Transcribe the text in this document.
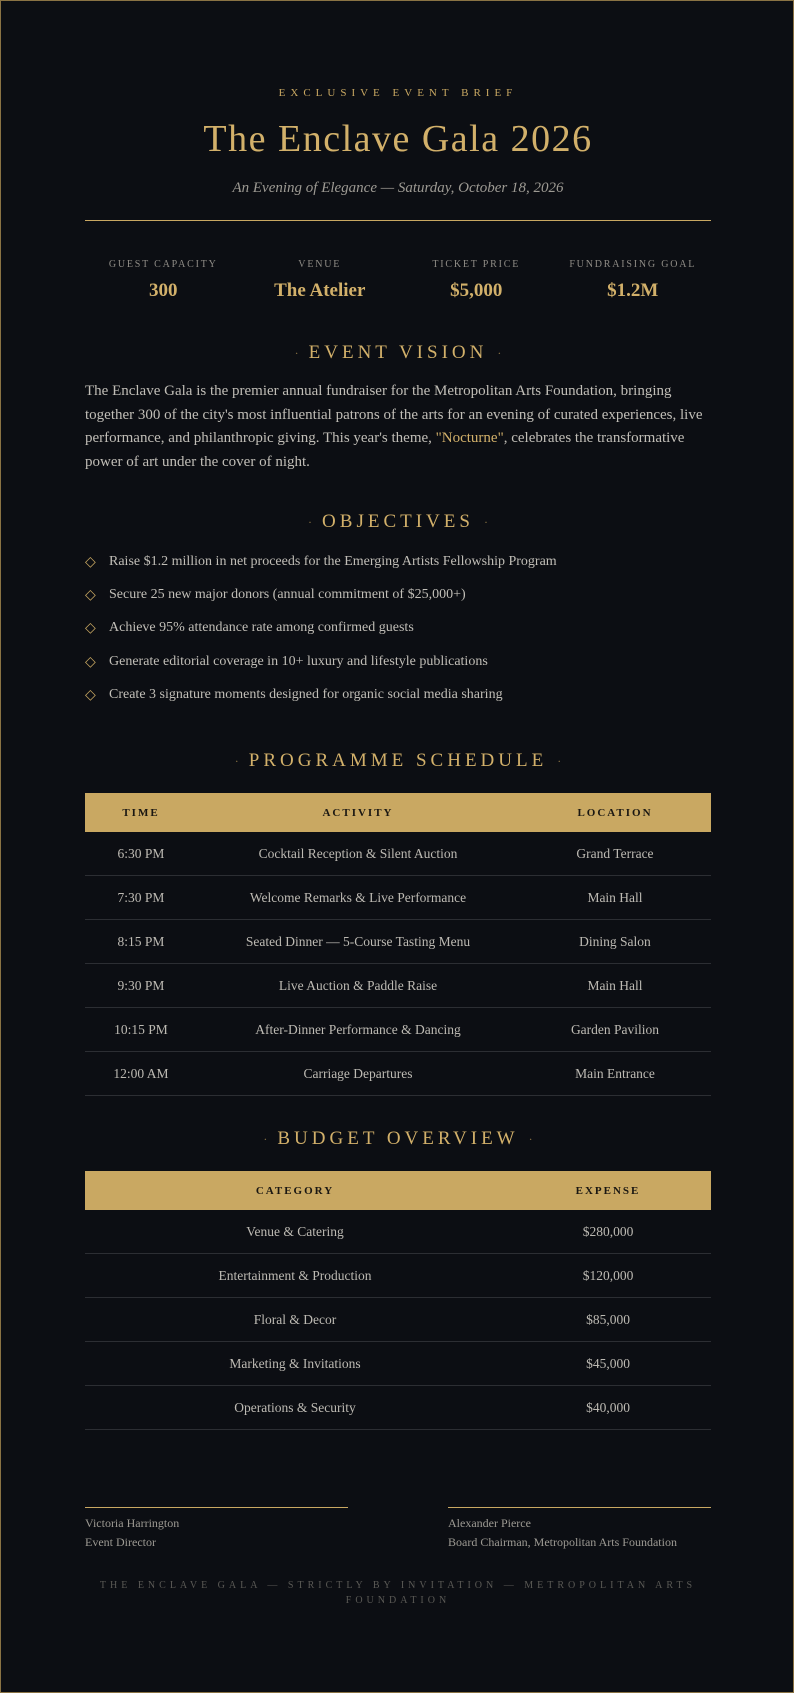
EXCLUSIVE EVENT BRIEF
The Enclave Gala 2026
An Evening of Elegance — Saturday, October 18, 2026
GUEST CAPACITY
300
VENUE
The Atelier
TICKET PRICE
$5,000
FUNDRAISING GOAL
$1.2M
· EVENT VISION ·

The Enclave Gala is the premier annual fundraiser for the Metropolitan Arts Foundation, bringing together 300 of the city's most influential patrons of the arts for an evening of curated experiences, live performance, and philanthropic giving. This year's theme, "Nocturne", celebrates the transformative power of art under the cover of night.

· OBJECTIVES ·
◇ Raise $1.2 million in net proceeds for the Emerging Artists Fellowship Program
◇ Secure 25 new major donors (annual commitment of $25,000+)
◇ Achieve 95% attendance rate among confirmed guests
◇ Generate editorial coverage in 10+ luxury and lifestyle publications
◇ Create 3 signature moments designed for organic social media sharing
· PROGRAMME SCHEDULE ·
TIME	ACTIVITY	LOCATION
6:30 PM	Cocktail Reception & Silent Auction	Grand Terrace
7:30 PM	Welcome Remarks & Live Performance	Main Hall
8:15 PM	Seated Dinner — 5-Course Tasting Menu	Dining Salon
9:30 PM	Live Auction & Paddle Raise	Main Hall
10:15 PM	After-Dinner Performance & Dancing	Garden Pavilion
12:00 AM	Carriage Departures	Main Entrance
· BUDGET OVERVIEW ·
CATEGORY	EXPENSE
Venue & Catering	$280,000
Entertainment & Production	$120,000
Floral & Decor	$85,000
Marketing & Invitations	$45,000
Operations & Security	$40,000
Victoria Harrington
Event Director
Alexander Pierce
Board Chairman, Metropolitan Arts Foundation
THE ENCLAVE GALA — STRICTLY BY INVITATION — METROPOLITAN ARTS FOUNDATION
